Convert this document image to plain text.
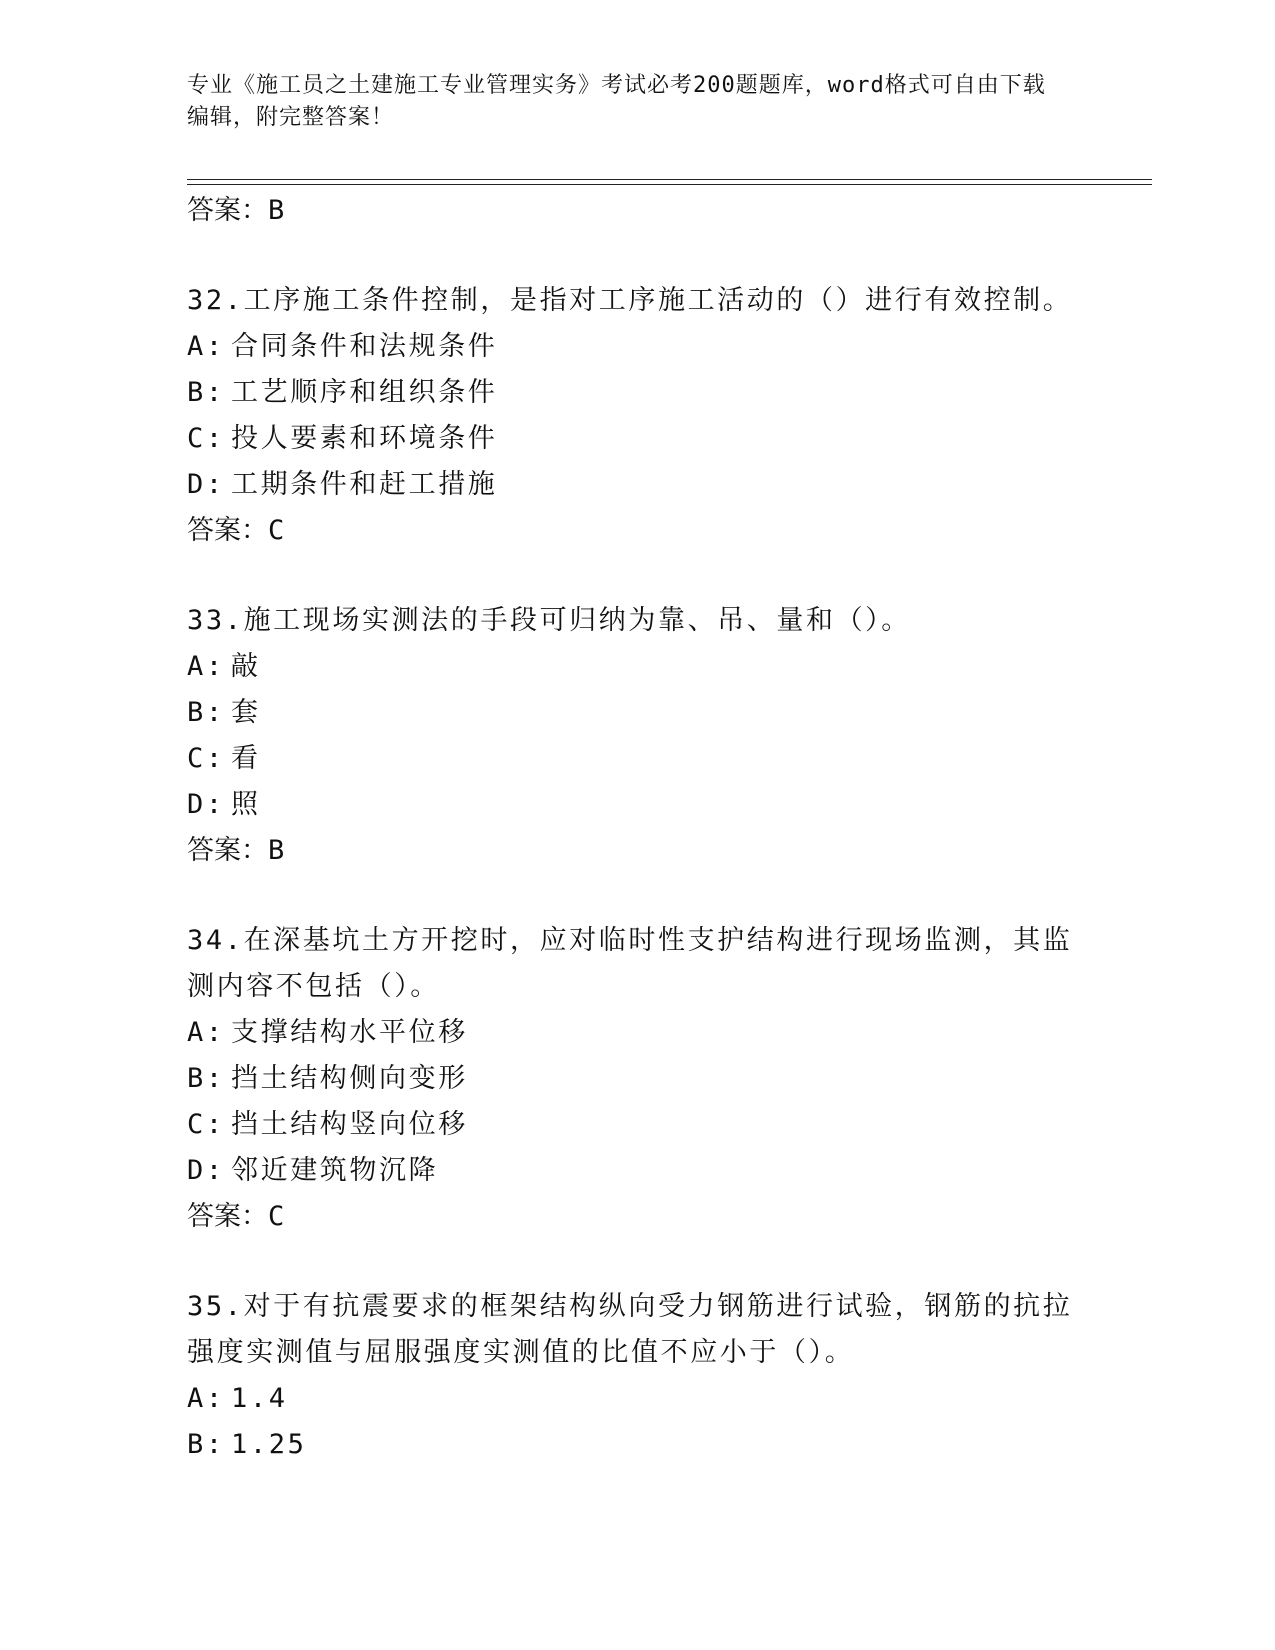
专业《施工员之土建施工专业管理实务》考试必考200题题库，word格式可自由下载编辑，附完整答案！
答案：B
32.工序施工条件控制，是指对工序施工活动的（）进行有效控制。
A: 合同条件和法规条件
B: 工艺顺序和组织条件
C: 投人要素和环境条件
D: 工期条件和赶工措施
答案：C
33.施工现场实测法的手段可归纳为靠、吊、量和（）。
A: 敲
B: 套
C: 看
D: 照
答案：B
34.在深基坑土方开挖时，应对临时性支护结构进行现场监测，其监测内容不包括（）。
A: 支撑结构水平位移
B: 挡土结构侧向变形
C: 挡土结构竖向位移
D: 邻近建筑物沉降
答案：C
35.对于有抗震要求的框架结构纵向受力钢筋进行试验，钢筋的抗拉强度实测值与屈服强度实测值的比值不应小于（）。
A: 1.4
B: 1.25
